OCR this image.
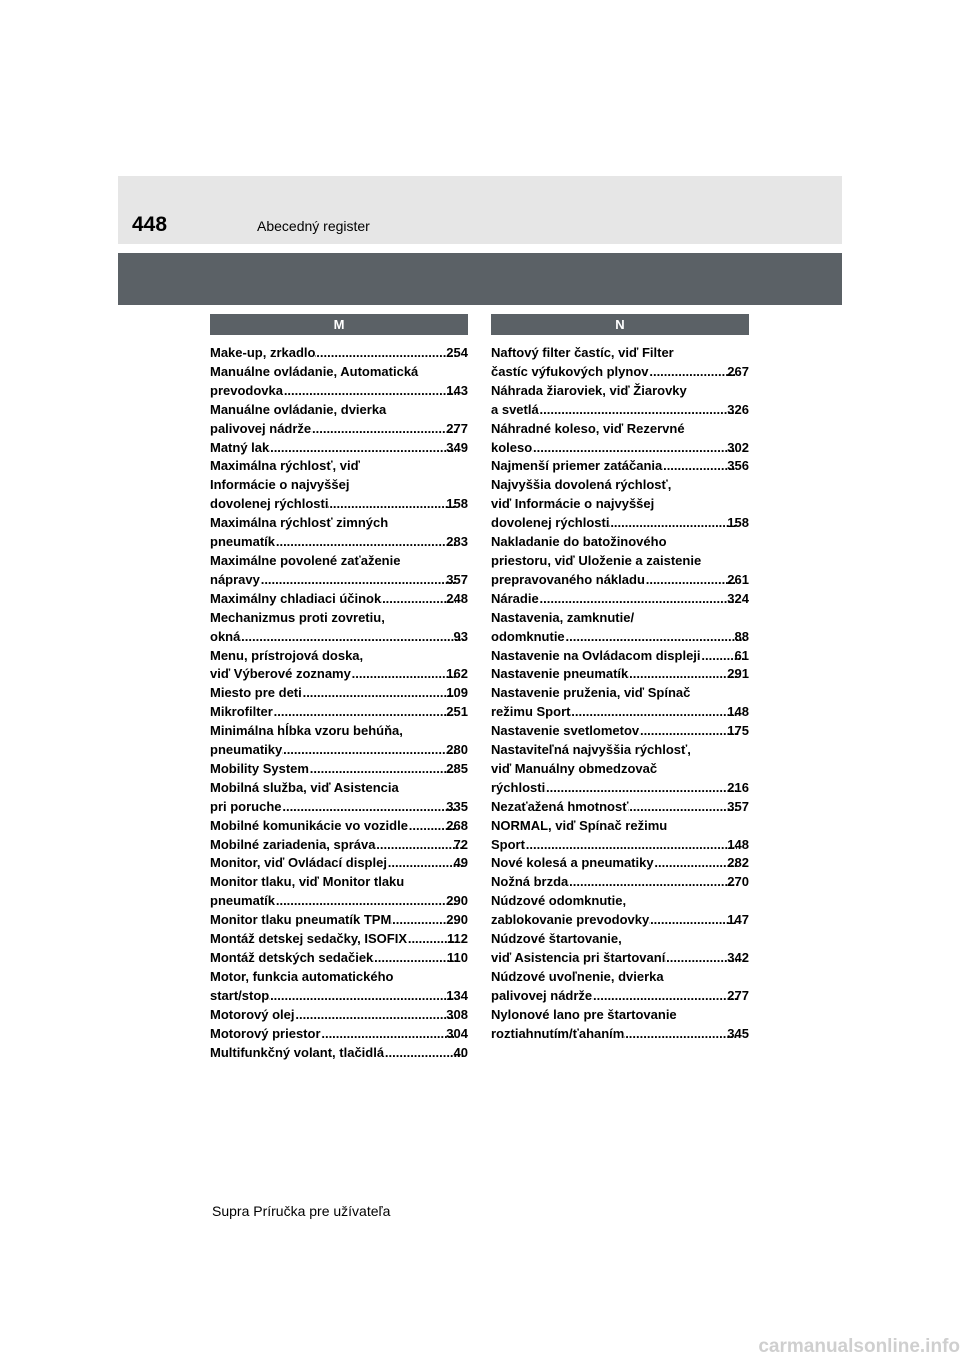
448	Abecedný register
M
Make-up, zrkadlo .....	254
Manuálne ovládanie, Automatická
prevodovka .....	143
Manuálne ovládanie, dvierka
palivovej nádrže .....	277
Matný lak .....	349
Maximálna rýchlosť, viď
Informácie o najvyššej
dovolenej rýchlosti .....	158
Maximálna rýchlosť zimných
pneumatík .....	283
Maximálne povolené zaťaženie
nápravy .....	357
Maximálny chladiaci účinok .....	248
Mechanizmus proti zovretiu,
okná .....	93
Menu, prístrojová doska,
viď Výberové zoznamy .....	162
Miesto pre deti .....	109
Mikrofilter .....	251
Minimálna hĺbka vzoru behúňa,
pneumatiky .....	280
Mobility System .....	285
Mobilná služba, viď Asistencia
pri poruche .....	335
Mobilné komunikácie vo vozidle .....	268
Mobilné zariadenia, správa .....	72
Monitor, viď Ovládací displej .....	49
Monitor tlaku, viď Monitor tlaku
pneumatík .....	290
Monitor tlaku pneumatík TPM .....	290
Montáž detskej sedačky, ISOFIX .....	112
Montáž detských sedačiek .....	110
Motor, funkcia automatického
start/stop .....	134
Motorový olej .....	308
Motorový priestor .....	304
Multifunkčný volant, tlačidlá .....	40
N
Naftový filter častíc, viď Filter
častíc výfukových plynov .....	267
Náhrada žiaroviek, viď Žiarovky
a svetlá .....	326
Náhradné koleso, viď Rezervné
koleso .....	302
Najmenší priemer zatáčania .....	356
Najvyššia dovolená rýchlosť,
viď Informácie o najvyššej
dovolenej rýchlosti .....	158
Nakladanie do batožinového
priestoru, viď Uloženie a zaistenie
prepravovaného nákladu .....	261
Náradie .....	324
Nastavenia, zamknutie/
odomknutie .....	88
Nastavenie na Ovládacom displeji .....	61
Nastavenie pneumatík .....	291
Nastavenie pruženia, viď Spínač
režimu Sport .....	148
Nastavenie svetlometov .....	175
Nastaviteľná najvyššia rýchlosť,
viď Manuálny obmedzovač
rýchlosti .....	216
Nezaťažená hmotnosť .....	357
NORMAL, viď Spínač režimu
Sport .....	148
Nové kolesá a pneumatiky .....	282
Nožná brzda .....	270
Núdzové odomknutie,
zablokovanie prevodovky .....	147
Núdzové štartovanie,
viď Asistencia pri štartovaní .....	342
Núdzové uvoľnenie, dvierka
palivovej nádrže .....	277
Nylonové lano pre štartovanie
roztiahnutím/ťahaním .....	345
Supra Príručka pre užívateľa
carmanualsonline.info
